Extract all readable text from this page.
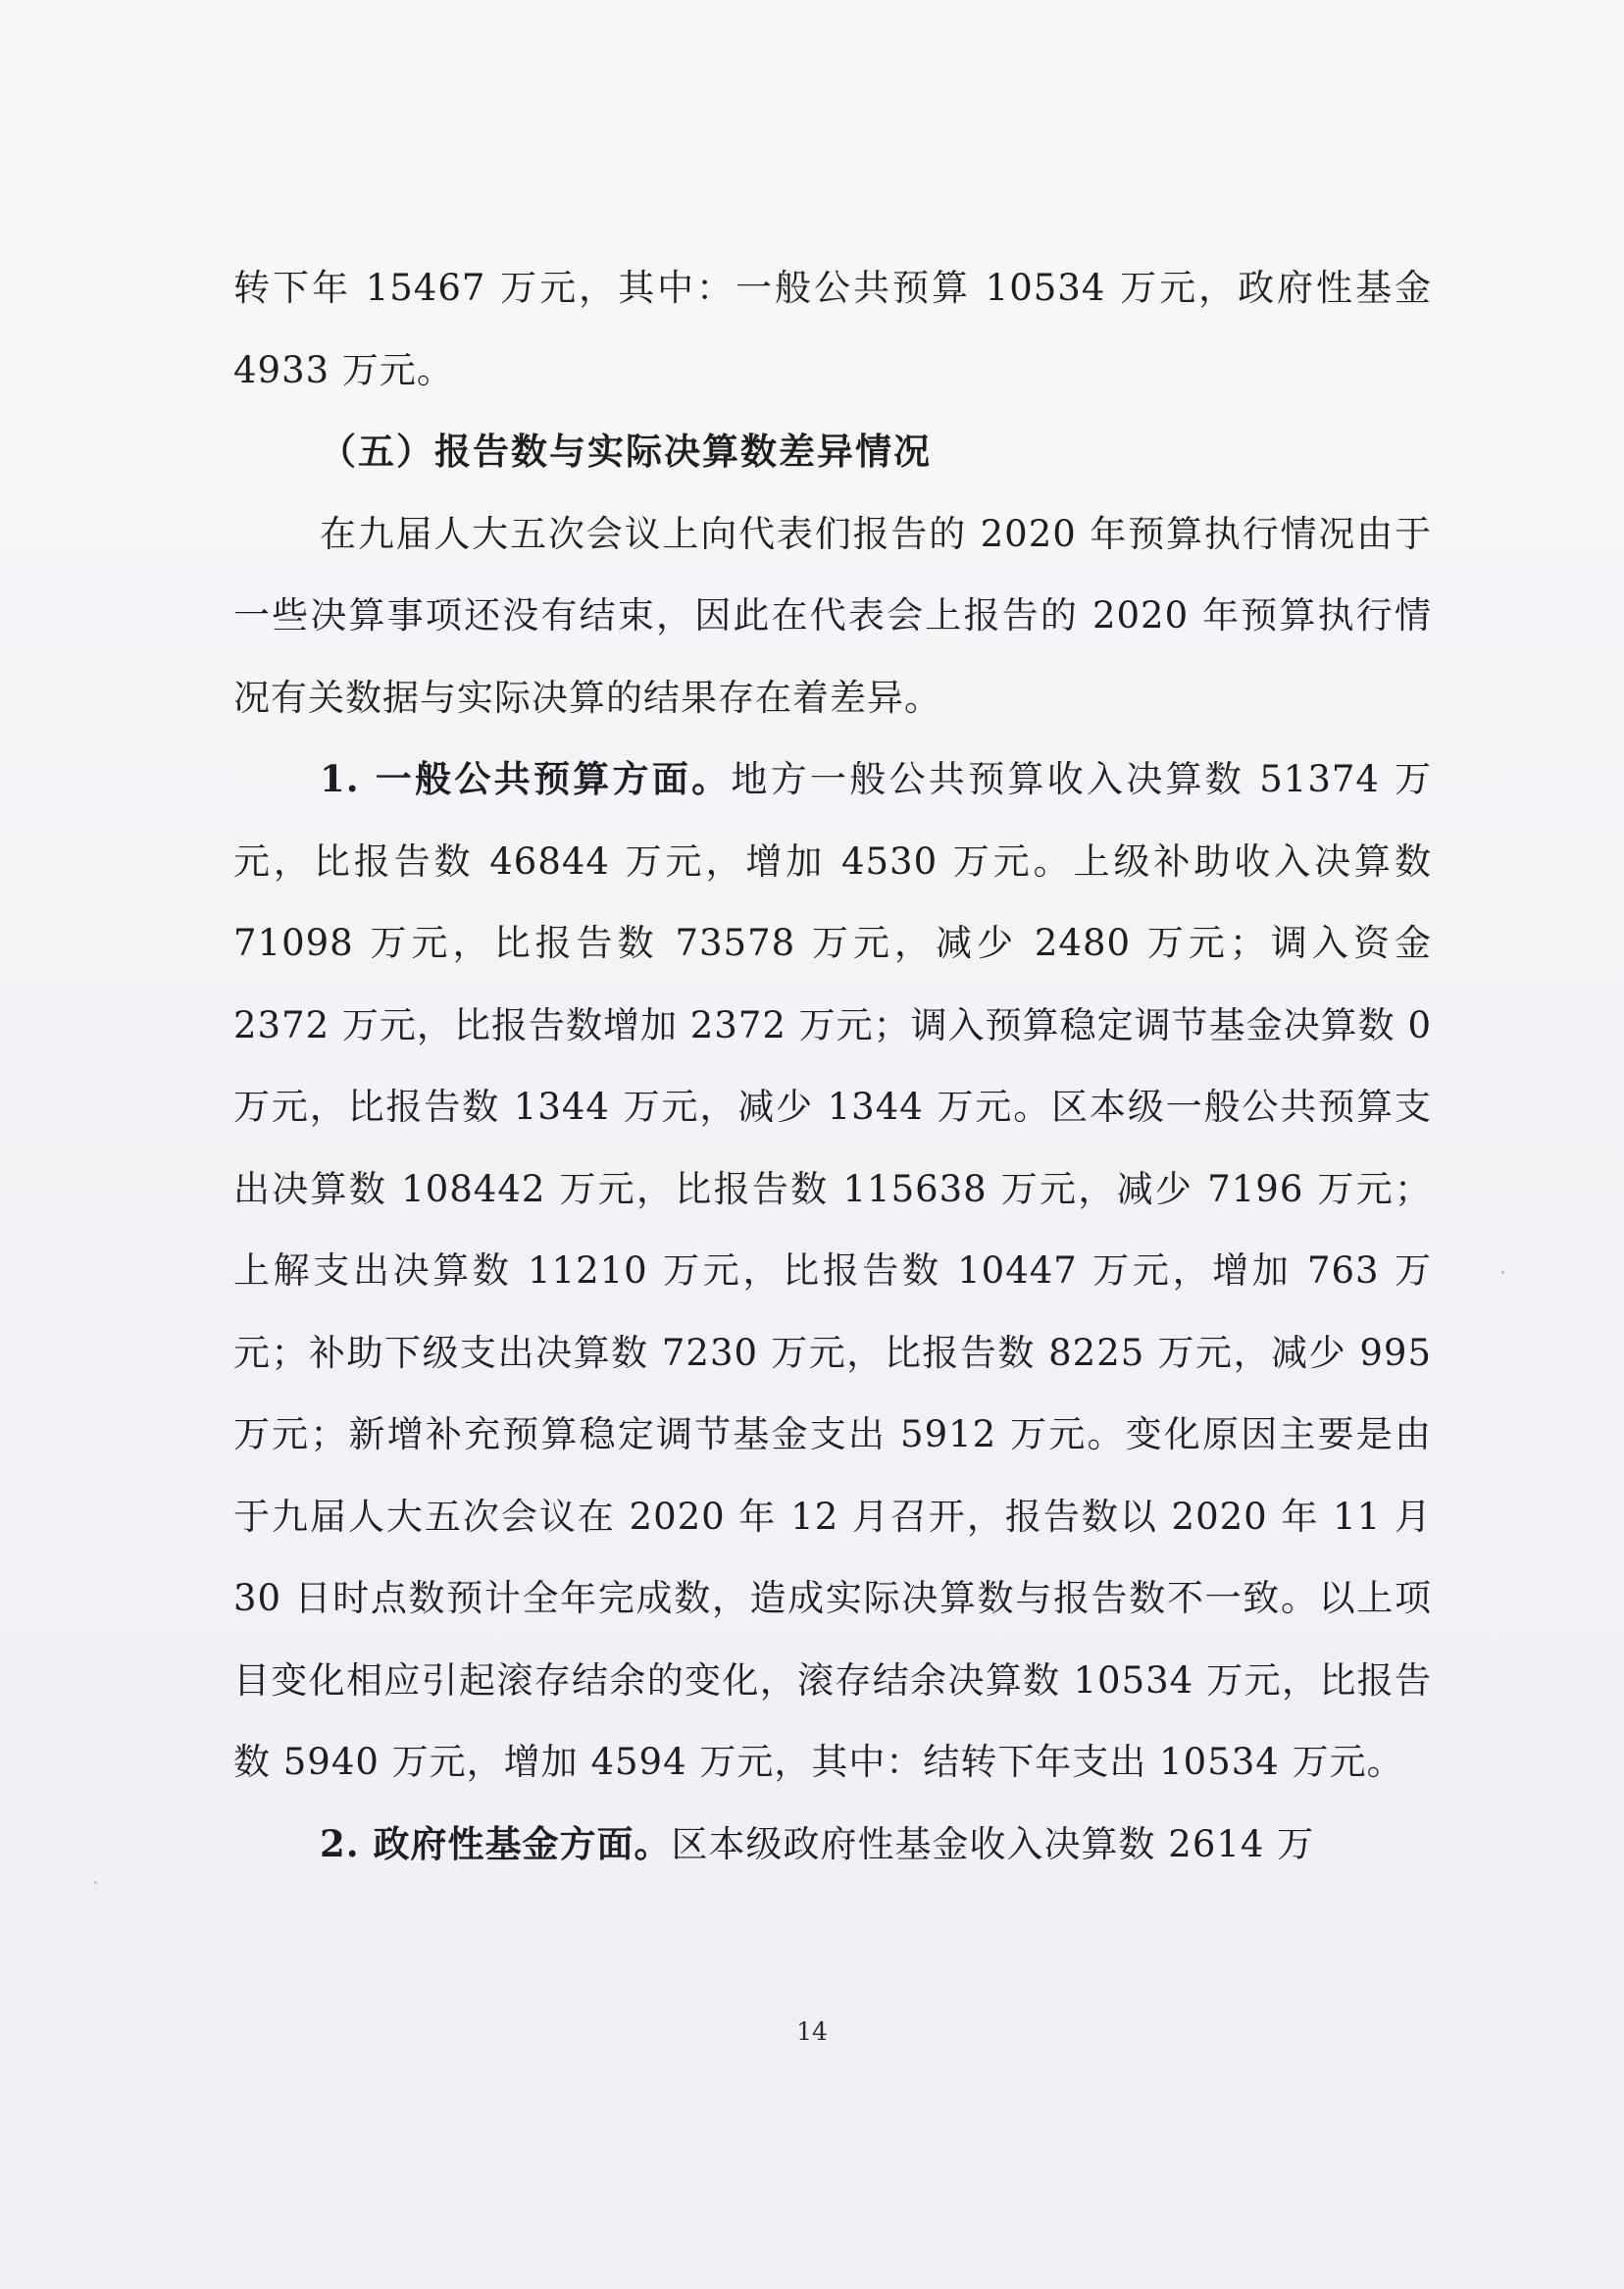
转下年 15467 万元，其中：一般公共预算 10534 万元，政府性基金 4933 万元。

（五）报告数与实际决算数差异情况

在九届人大五次会议上向代表们报告的 2020 年预算执行情况由于一些决算事项还没有结束，因此在代表会上报告的 2020 年预算执行情况有关数据与实际决算的结果存在着差异。

1. 一般公共预算方面。地方一般公共预算收入决算数 51374 万元，比报告数 46844 万元，增加 4530 万元。上级补助收入决算数 71098 万元，比报告数 73578 万元，减少 2480 万元；调入资金 2372 万元，比报告数增加 2372 万元；调入预算稳定调节基金决算数 0 万元，比报告数 1344 万元，减少 1344 万元。区本级一般公共预算支出决算数 108442 万元，比报告数 115638 万元，减少 7196 万元；上解支出决算数 11210 万元，比报告数 10447 万元，增加 763 万元；补助下级支出决算数 7230 万元，比报告数 8225 万元，减少 995 万元；新增补充预算稳定调节基金支出 5912 万元。变化原因主要是由于九届人大五次会议在 2020 年 12 月召开，报告数以 2020 年 11 月 30 日时点数预计全年完成数，造成实际决算数与报告数不一致。以上项目变化相应引起滚存结余的变化，滚存结余决算数 10534 万元，比报告数 5940 万元，增加 4594 万元，其中：结转下年支出 10534 万元。

2. 政府性基金方面。区本级政府性基金收入决算数 2614 万

14
